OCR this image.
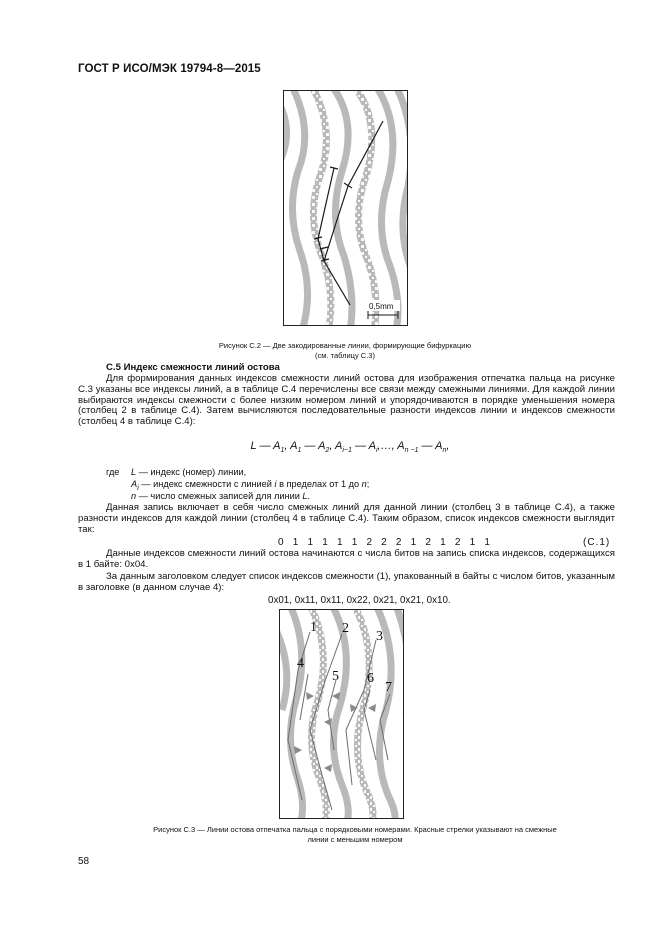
ГОСТ Р ИСО/МЭК 19794-8—2015
0,5mm
Рисунок С.2 — Две закодированные линии, формирующие бифуркацию
(см. таблицу С.3)
С.5 Индекс смежности линий остова
Для формирования данных индексов смежности линий остова для изображения отпечатка пальца на рисунке С.3 указаны все индексы линий, а в таблице С.4 перечислены все связи между смежными линиями. Для каждой линии выбираются индексы смежности с более низким номером линий и упорядочиваются в порядке уменьшения номера (столбец 2 в таблице С.4). Затем вычисляются последовательные разности индексов линии и индексов смежности (столбец 4 в таблице С.4):
L — $A_1$, $A_1$ — $A_2$, $A_{i-1}$ — $A_i,\dots$, $A_{n -1}$ — $A_n$,
где L — индекс (номер) линии,
$A_i$ — индекс смежности с линией i в пределах от 1 до n;
n — число смежных записей для линии L.
Данная запись включает в себя число смежных линий для данной линии (столбец 3 в таблице С.4), а также разности индексов для каждой линии (столбец 4 в таблице С.4). Таким образом, список индексов смежности выглядит так:
0 1 1 1 1 1 2 2 2 1 2 1 2 1 1	(С.1)
Данные индексов смежности линий остова начинаются с числа битов на запись списка индексов, содержащихся в 1 байте: 0х04.
За данным заголовком следует список индексов смежности (1), упакованный в байты с числом битов, указанным в заголовке (в данном случае 4):
0x01, 0x11, 0x11, 0x22, 0x21, 0x21, 0x10.
1 2
3
4
5 6
7
Рисунок С.3 — Линии остова отпечатка пальца с порядковыми номерами. Красные стрелки указывают на смежные
линии с меньшим номером
58
